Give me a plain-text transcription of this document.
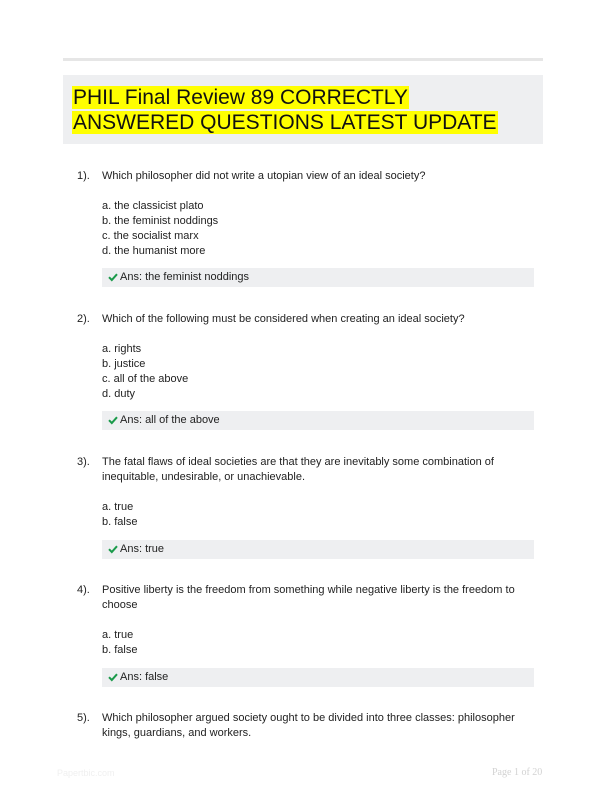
PHIL Final Review 89 CORRECTLY ANSWERED QUESTIONS LATEST UPDATE
1). Which philosopher did not write a utopian view of an ideal society?
a. the classicist plato
b. the feminist noddings
c. the socialist marx
d. the humanist more
Ans: the feminist noddings
2). Which of the following must be considered when creating an ideal society?
a. rights
b. justice
c. all of the above
d. duty
Ans: all of the above
3). The fatal flaws of ideal societies are that they are inevitably some combination of inequitable, undesirable, or unachievable.
a. true
b. false
Ans: true
4). Positive liberty is the freedom from something while negative liberty is the freedom to choose
a. true
b. false
Ans: false
5). Which philosopher argued society ought to be divided into three classes: philosopher kings, guardians, and workers.
Papertbic.com	Page 1 of 20
